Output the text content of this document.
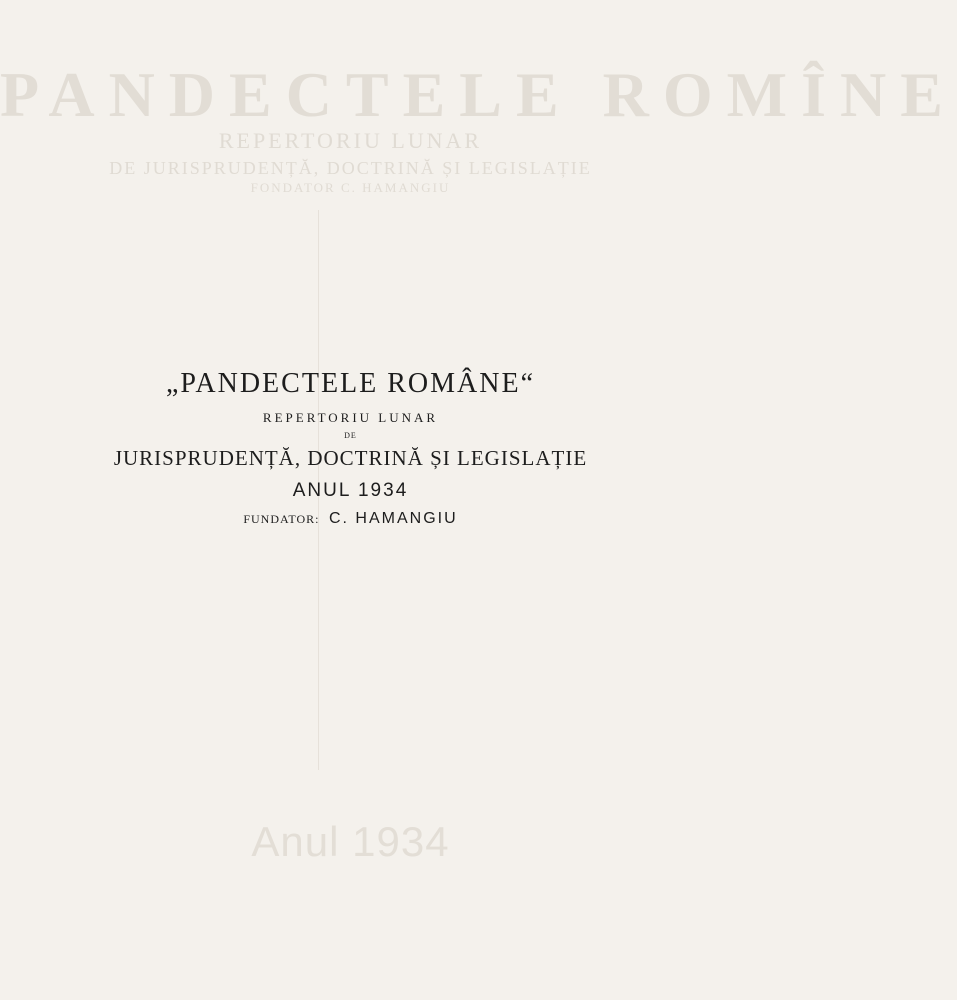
PANDECTELE ROMÎNE
REPERTORIU LUNAR
DE JURISPRUDENȚĂ, DOCTRINĂ ȘI LEGISLAȚIE
FONDATOR C. HAMANGIU
Anul 1934
„PANDECTELE ROMÂNE“
REPERTORIU LUNAR
DE
JURISPRUDENȚĂ, DOCTRINĂ ȘI LEGISLAȚIE
ANUL 1934
FUNDATOR: C. HAMANGIU
